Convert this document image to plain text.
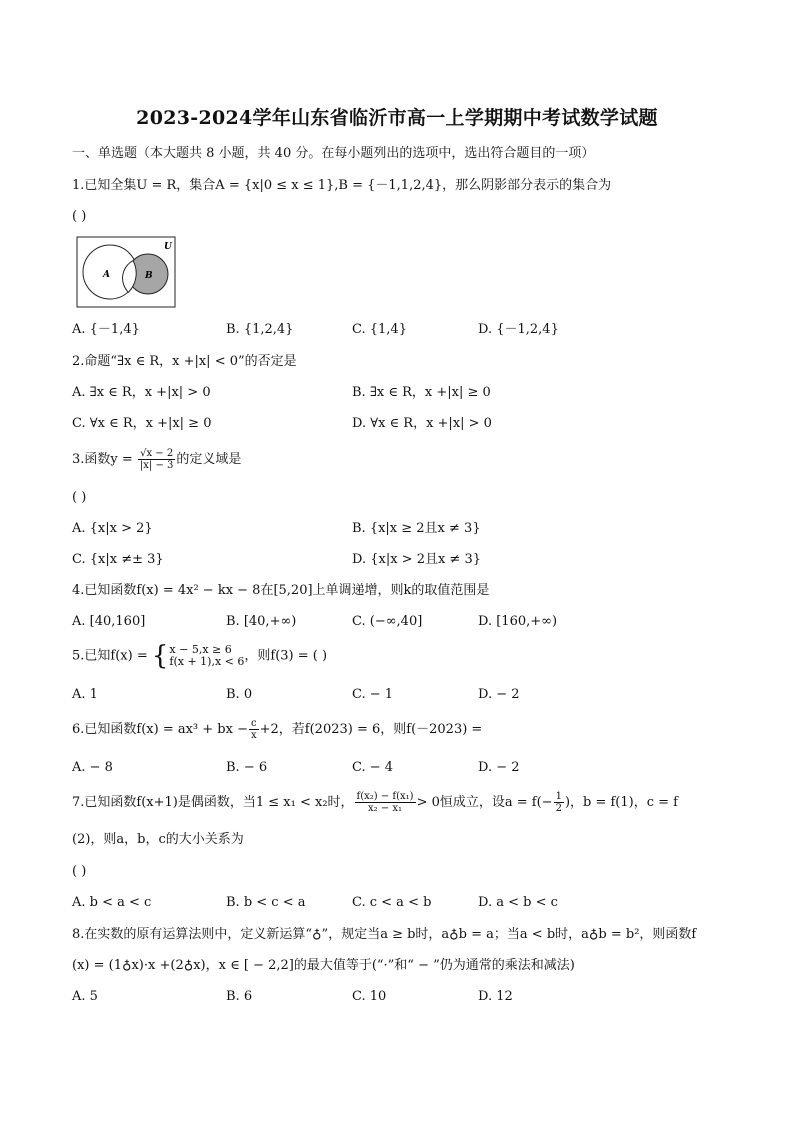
2023-2024学年山东省临沂市高一上学期期中考试数学试题
一、单选题（本大题共 8 小题，共 40 分。在每小题列出的选项中，选出符合题目的一项）
1.已知全集U = R，集合A = {x|0 ≤ x ≤ 1},B = {－1,1,2,4}，那么阴影部分表示的集合为
( )
U
A	B
A. {－1,4}	B. {1,2,4}	C. {1,4}	D. {－1,2,4}
2.命题“∃x ∈ R，x +|x| < 0”的否定是
A. ∃x ∈ R，x +|x| > 0	B. ∃x ∈ R，x +|x| ≥ 0
C. ∀x ∈ R，x +|x| ≥ 0	D. ∀x ∈ R，x +|x| > 0
3.函数$y = \frac{√x - 2}{|x| - 3}$ 的定义域是
( )
A. {x|x > 2}	B. {x|x ≥ 2且x ≠ 3}
C. {x|x ≠± 3}	D. {x|x > 2且x ≠ 3}
4.已知函数f(x) = 4x² − kx − 8在[5,20]上单调递增，则k的取值范围是
A. [40,160]	B. [40,+∞)	C. (−∞,40]	D. [160,+∞)
5.已知f(x) = { x − 5,x ≥ 6
f(x + 1),x < 6 ，则f(3) = ( )
A. 1	B. 0	C. − 1	D. − 2
6.已知函数f(x) = ax³ + bx − $\frac{c}{x} +2$，若f(2023) = 6，则f(－2023) =
A. − 8	B. − 6	C. − 4	D. − 2
7.已知函数f(x+1)是偶函数，当1 ≤ x₁ < x₂时， $\frac{\text{f(x₂) − f(x₁)}}{\text{x₂ − x₁}} > 0$恒成立，设$a = f(- \frac{1}{2}$ )，b = f(1)，c = f
(2)，则a，b，c的大小关系为
( )
A. b < a < c	B. b < c < a	C. c < a < b	D. a < b < c
8.在实数的原有运算法则中，定义新运算“♁”，规定当a ≥ b时，a♁b = a；当a < b时，a♁b = b²，则函数f
(x) = (1♁x)·x +(2♁x)，x ∈ [ − 2,2]的最大值等于(“·”和“ − ”仍为通常的乘法和减法)
A. 5	B. 6	C. 10	D. 12
